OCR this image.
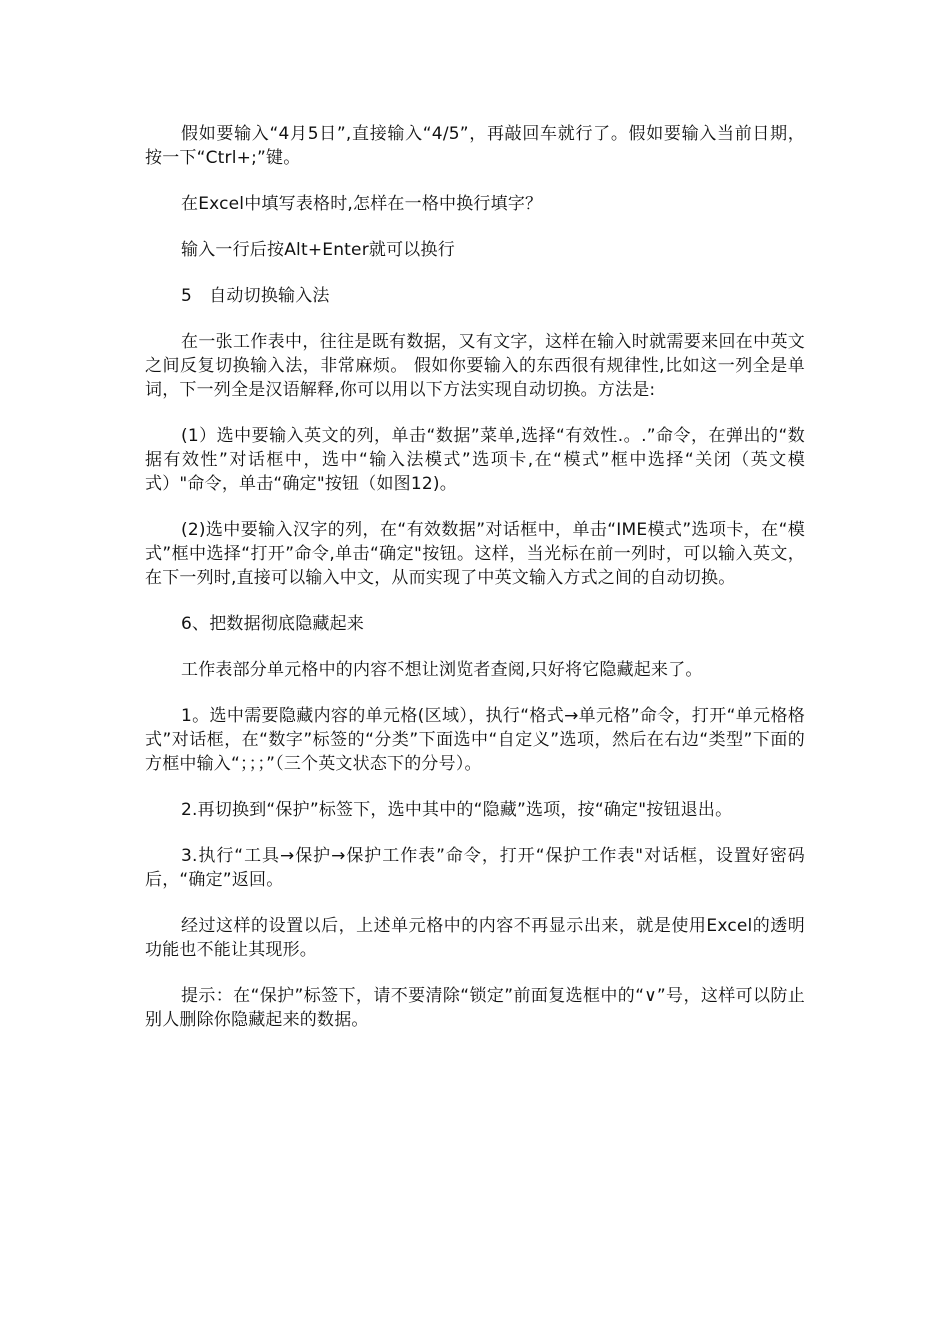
假如要输入“4月5日”,直接输入“4/5”，再敲回车就行了。假如要输入当前日期，按一下“Ctrl+;”键。

在Excel中填写表格时,怎样在一格中换行填字？

输入一行后按Alt+Enter就可以换行

5　自动切换输入法

在一张工作表中，往往是既有数据，又有文字，这样在输入时就需要来回在中英文之间反复切换输入法，非常麻烦。 假如你要输入的东西很有规律性,比如这一列全是单词，下一列全是汉语解释,你可以用以下方法实现自动切换。方法是:

(1）选中要输入英文的列，单击“数据”菜单,选择“有效性.。.”命令，在弹出的“数据有效性”对话框中，选中“输入法模式”选项卡,在“模式”框中选择“关闭（英文模式）"命令，单击“确定"按钮（如图12)。

(2)选中要输入汉字的列，在“有效数据”对话框中，单击“IME模式”选项卡，在“模式”框中选择“打开”命令,单击“确定"按钮。这样，当光标在前一列时，可以输入英文，在下一列时,直接可以输入中文，从而实现了中英文输入方式之间的自动切换。

6、把数据彻底隐藏起来

工作表部分单元格中的内容不想让浏览者查阅,只好将它隐藏起来了。

1。选中需要隐藏内容的单元格(区域），执行“格式→单元格”命令，打开“单元格格式”对话框，在“数字”标签的“分类”下面选中“自定义”选项，然后在右边“类型”下面的方框中输入“；；；”（三个英文状态下的分号）。

2.再切换到“保护”标签下，选中其中的“隐藏”选项，按“确定"按钮退出。

3.执行“工具→保护→保护工作表”命令，打开“保护工作表"对话框，设置好密码后，“确定”返回。

经过这样的设置以后，上述单元格中的内容不再显示出来，就是使用Excel的透明功能也不能让其现形。

提示：在“保护”标签下，请不要清除“锁定”前面复选框中的“∨”号，这样可以防止别人删除你隐藏起来的数据。
